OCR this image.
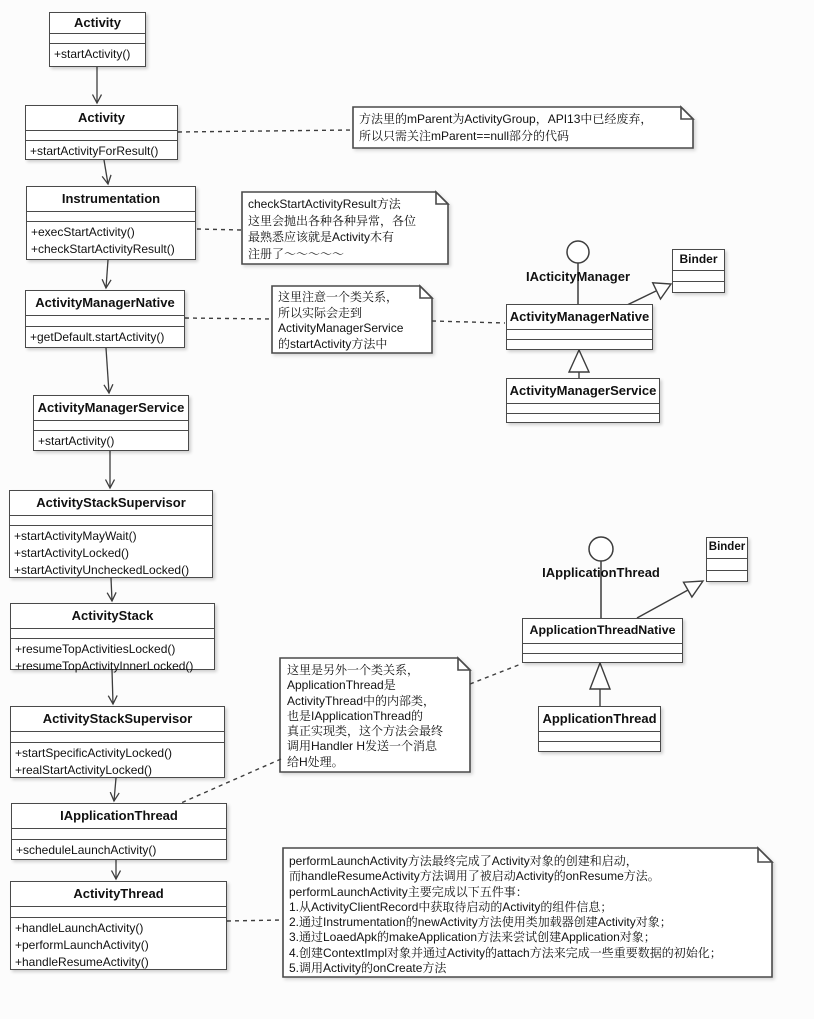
Activity
+startActivity()
Activity
+startActivityForResult()
Instrumentation
+execStartActivity()
+checkStartActivityResult()
ActivityManagerNative
+getDefault.startActivity()
ActivityManagerService
+startActivity()
ActivityStackSupervisor
+startActivityMayWait()
+startActivityLocked()
+startActivityUncheckedLocked()
ActivityStack
+resumeTopActivitiesLocked()
+resumeTopActivityInnerLocked()
ActivityStackSupervisor
+startSpecificActivityLocked()
+realStartActivityLocked()
IApplicationThread
+scheduleLaunchActivity()
ActivityThread
+handleLaunchActivity()
+performLaunchActivity()
+handleResumeActivity()
IActicityManager
Binder
ActivityManagerNative
ActivityManagerService
IApplicationThread
Binder
ApplicationThreadNative
ApplicationThread
方法里的mParent为ActivityGroup，API13中已经废弃，
所以只需关注mParent==null部分的代码
checkStartActivityResult方法
这里会抛出各种各种异常，各位
最熟悉应该就是Activity木有
注册了～～～～～
这里注意一个类关系，
所以实际会走到
ActivityManagerService
的startActivity方法中
这里是另外一个类关系，
ApplicationThread是
ActivityThread中的内部类，
也是IApplicationThread的
真正实现类，这个方法会最终
调用Handler H发送一个消息
给H处理。
performLaunchActivity方法最终完成了Activity对象的创建和启动，
而handleResumeActivity方法调用了被启动Activity的onResume方法。
performLaunchActivity主要完成以下五件事：
1.从ActivityClientRecord中获取待启动的Activity的组件信息；
2.通过Instrumentation的newActivity方法使用类加载器创建Activity对象；
3.通过LoaedApk的makeApplication方法来尝试创建Application对象；
4.创建ContextImpl对象并通过Activity的attach方法来完成一些重要数据的初始化；
5.调用Activity的onCreate方法
